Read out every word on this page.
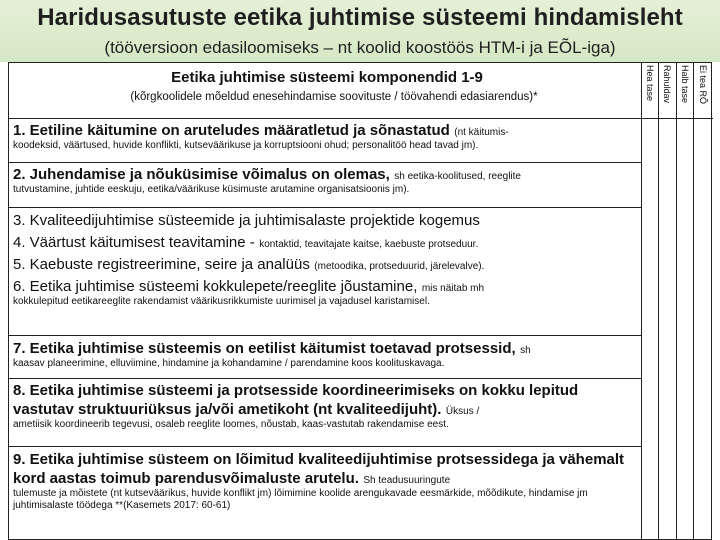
Haridusasutuste eetika juhtimise süsteemi hindamisleht
(tööversioon edasiloomiseks – nt koolid koostöös HTM-i ja EÕL-iga)
Hea tase Rahuldav Halb tase Ei tea RÕ
Eetika juhtimise süsteemi komponendid 1-9
(kõrgkoolidele mõeldud enesehindamise soovituste / töövahendi edasiarendus)*
1. Eetiline käitumine on aruteludes määratletud ja sõnastatud (nt käitumis-
koodeksid, väärtused, huvide konflikti, kutseväärikuse ja korruptsiooni ohud; personalitöö head tavad jm).
2. Juhendamise ja nõuküsimise võimalus on olemas, sh eetika-koolitused, reeglite
tutvustamine, juhtide eeskuju, eetika/väärikuse küsimuste arutamine organisatsioonis jm).
3. Kvaliteedijuhtimise süsteemide ja juhtimisalaste projektide kogemus
4. Väärtust käitumisest teavitamine - kontaktid, teavitajate kaitse, kaebuste protseduur.
5. Kaebuste registreerimine, seire ja analüüs (metoodika, protseduurid, järelevalve).
6. Eetika juhtimise süsteemi kokkulepete/reeglite jõustamine, mis näitab mh
kokkulepitud eetikareeglite rakendamist väärikusrikkumiste uurimisel ja vajadusel karistamisel.
7. Eetika juhtimise süsteemis on eetilist käitumist toetavad protsessid, sh
kaasav planeerimine, elluviimine, hindamine ja kohandamine / parendamine koos koolituskavaga.
8. Eetika juhtimise süsteemi ja protsesside koordineerimiseks on kokku lepitud vastutav struktuuriüksus ja/või ametikoht (nt kvaliteedijuht). Üksus /
ametiisik koordineerib tegevusi, osaleb reeglite loomes, nõustab, kaas-vastutab rakendamise eest.
9. Eetika juhtimise süsteem on lõimitud kvaliteedijuhtimise protsessidega ja vähemalt kord aastas toimub parendusvõimaluste arutelu. Sh teadusuuringute
tulemuste ja mõistete (nt kutseväärikus, huvide konflikt jm) lõimimine koolide arengukavade eesmärkide, mõõdikute, hindamise jm juhtimisalaste töödega **(Kasemets 2017: 60-61)
